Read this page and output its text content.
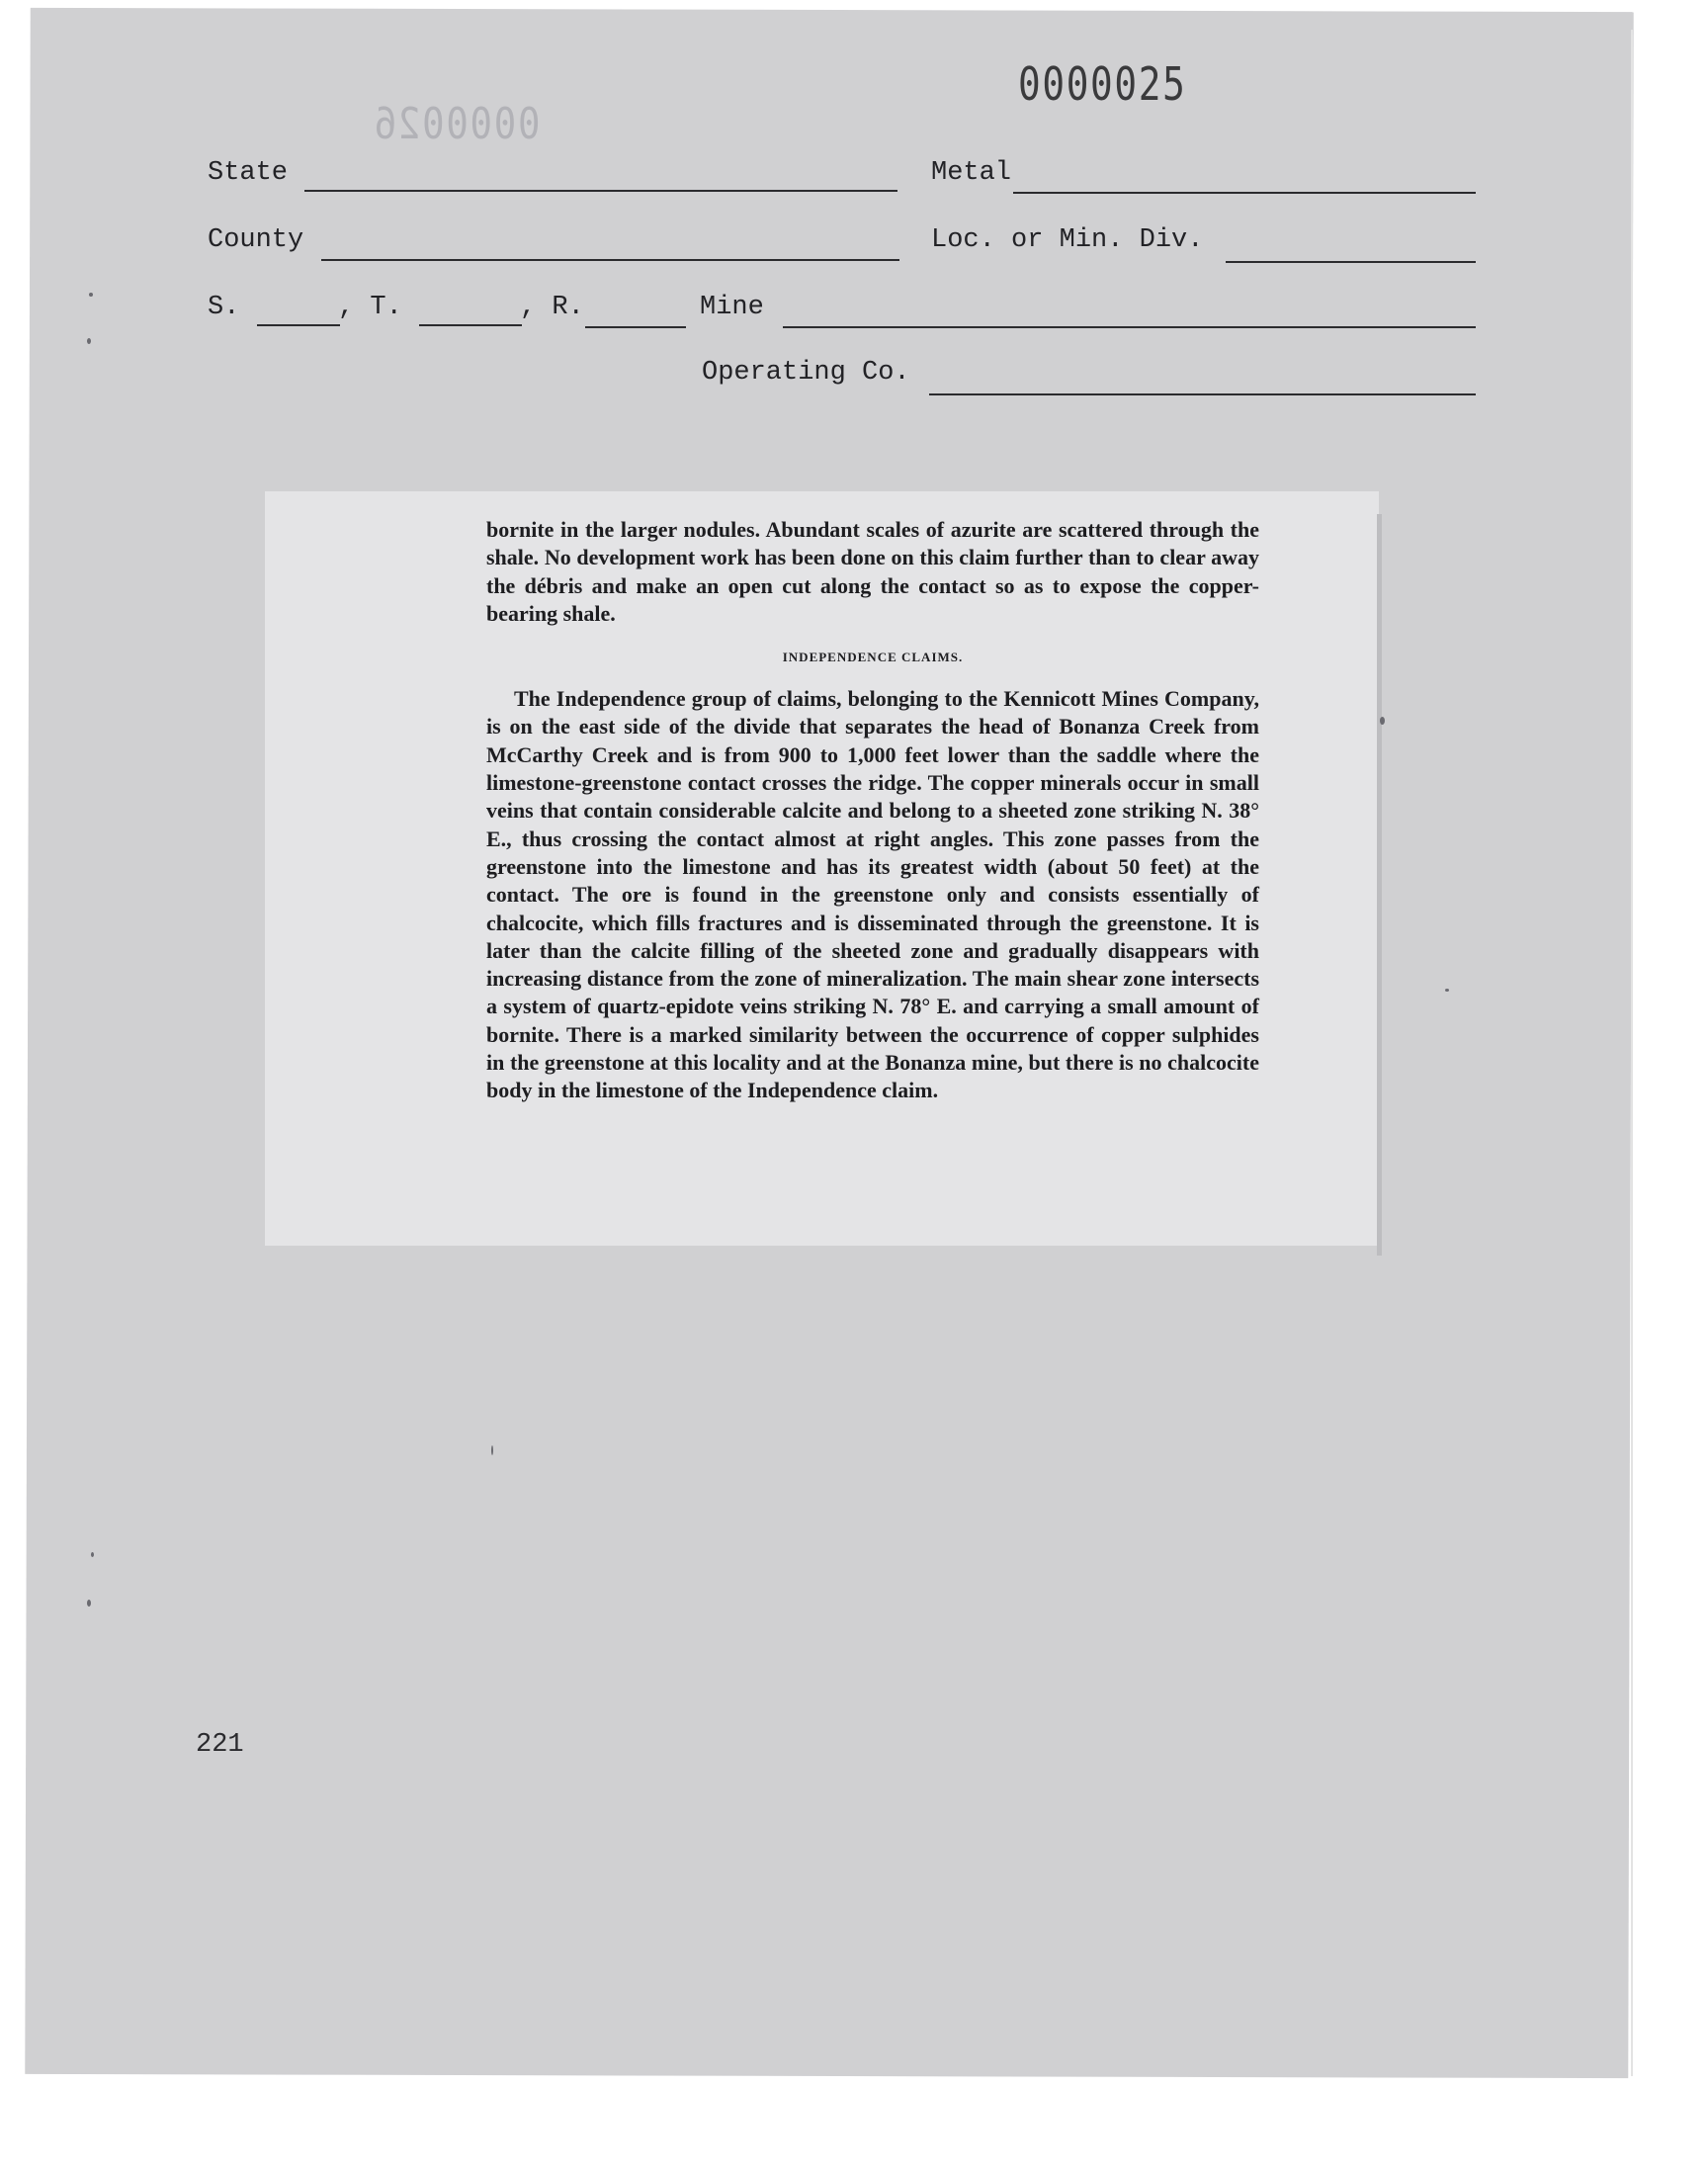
0000025
0000026
State	Metal
County	Loc. or Min. Div.
S.	, T.	, R.	Mine
Operating Co.

bornite in the larger nodules. Abundant scales of azurite are scattered through the shale. No development work has been done on this claim further than to clear away the débris and make an open cut along the contact so as to expose the copper-bearing shale.

INDEPENDENCE CLAIMS.

The Independence group of claims, belonging to the Kennicott Mines Company, is on the east side of the divide that separates the head of Bonanza Creek from McCarthy Creek and is from 900 to 1,000 feet lower than the saddle where the limestone-greenstone contact crosses the ridge. The copper minerals occur in small veins that contain considerable calcite and belong to a sheeted zone striking N. 38° E., thus crossing the contact almost at right angles. This zone passes from the greenstone into the limestone and has its greatest width (about 50 feet) at the contact. The ore is found in the greenstone only and consists essentially of chalcocite, which fills fractures and is disseminated through the greenstone. It is later than the calcite filling of the sheeted zone and gradually disappears with increasing distance from the zone of mineralization. The main shear zone intersects a system of quartz-epidote veins striking N. 78° E. and carrying a small amount of bornite. There is a marked similarity between the occurrence of copper sulphides in the greenstone at this locality and at the Bonanza mine, but there is no chalcocite body in the limestone of the Independence claim.

221
